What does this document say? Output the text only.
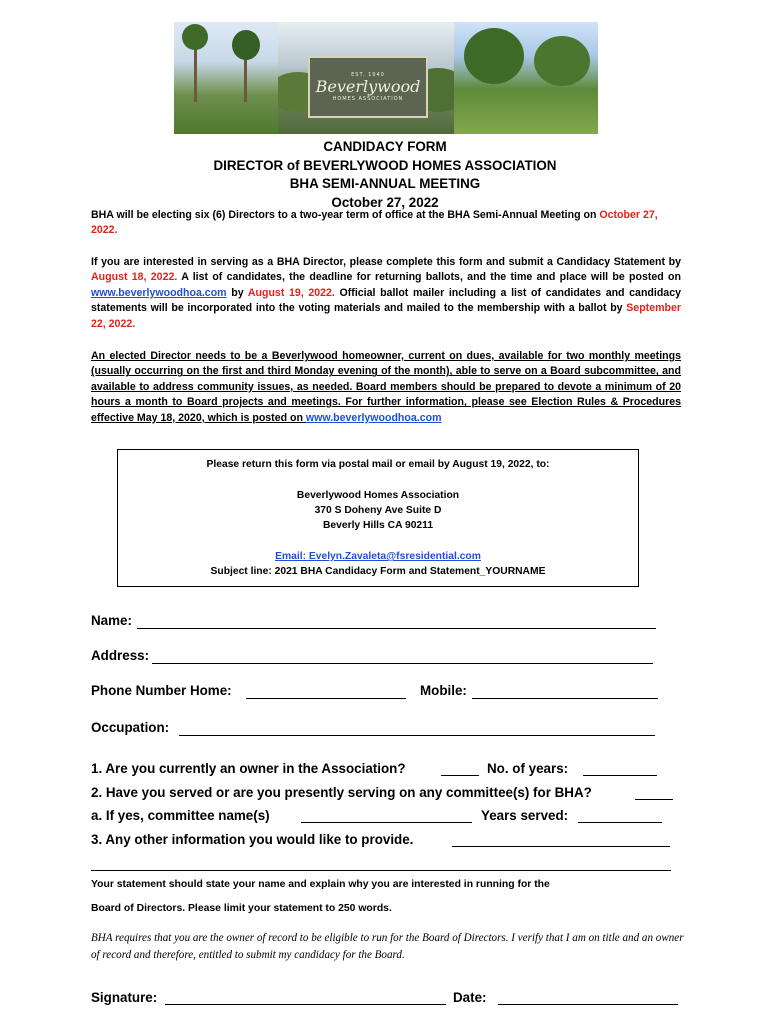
EST. 1940
Beverlywood
HOMES ASSOCIATION
CANDIDACY FORM
DIRECTOR of BEVERLYWOOD HOMES ASSOCIATION
BHA SEMI-ANNUAL MEETING
October 27, 2022
BHA will be electing six (6) Directors to a two-year term of office at the BHA Semi-Annual Meeting on October 27, 2022.
If you are interested in serving as a BHA Director, please complete this form and submit a Candidacy Statement by August 18, 2022. A list of candidates, the deadline for returning ballots, and the time and place will be posted on www.beverlywoodhoa.com by August 19, 2022. Official ballot mailer including a list of candidates and candidacy statements will be incorporated into the voting materials and mailed to the membership with a ballot by September 22, 2022.
An elected Director needs to be a Beverlywood homeowner, current on dues, available for two monthly meetings (usually occurring on the first and third Monday evening of the month), able to serve on a Board subcommittee, and available to address community issues, as needed. Board members should be prepared to devote a minimum of 20 hours a month to Board projects and meetings. For further information, please see Election Rules & Procedures effective May 18, 2020, which is posted on www.beverlywoodhoa.com
Please return this form via postal mail or email by August 19, 2022, to:
Beverlywood Homes Association
370 S Doheny Ave Suite D
Beverly Hills CA 90211
Email: Evelyn.Zavaleta@fsresidential.com
Subject line: 2021 BHA Candidacy Form and Statement_YOURNAME
Name:
Address:
Phone Number Home:	Mobile:
Occupation:
1. Are you currently an owner in the Association?	No. of years:
2. Have you served or are you presently serving on any committee(s) for BHA?
a. If yes, committee name(s)	Years served:
3. Any other information you would like to provide.
Your statement should state your name and explain why you are interested in running for the
Board of Directors. Please limit your statement to 250 words.
BHA requires that you are the owner of record to be eligible to run for the Board of Directors. I verify that I am on title and an owner of record and therefore, entitled to submit my candidacy for the Board.
Signature:	Date:
